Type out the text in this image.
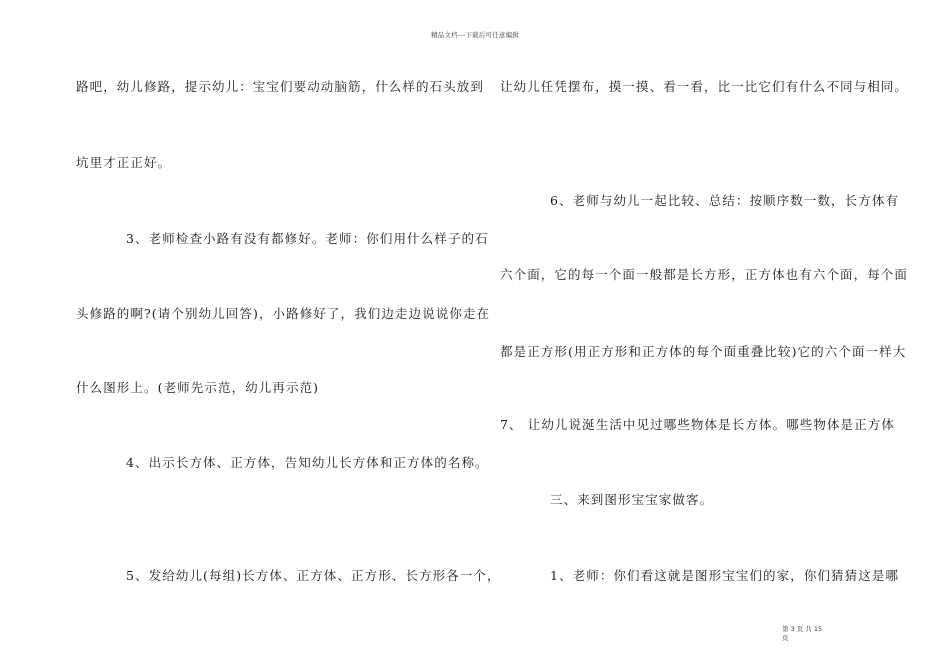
精品文档---下载后可任意编辑
路吧，幼儿修路，提示幼儿：宝宝们要动动脑筋，什么样的石头放到
坑里才正正好。
3、老师检查小路有没有都修好。老师：你们用什么样子的石
头修路的啊?(请个别幼儿回答)，小路修好了，我们边走边说说你走在
什么图形上。(老师先示范，幼儿再示范)
4、出示长方体、正方体，告知幼儿长方体和正方体的名称。
5、发给幼儿(每组)长方体、正方体、正方形、长方形各一个，
让幼儿任凭摆布，摸一摸、看一看，比一比它们有什么不同与相同。
6、老师与幼儿一起比较、总结：按顺序数一数，长方体有
六个面，它的每一个面一般都是长方形，正方体也有六个面，每个面
都是正方形(用正方形和正方体的每个面重叠比较)它的六个面一样大
7、 让幼儿说涎生活中见过哪些物体是长方体。哪些物体是正方体
三、来到图形宝宝家做客。
1、老师：你们看这就是图形宝宝们的家，你们猜猜这是哪
第 3 页 共 15
页
